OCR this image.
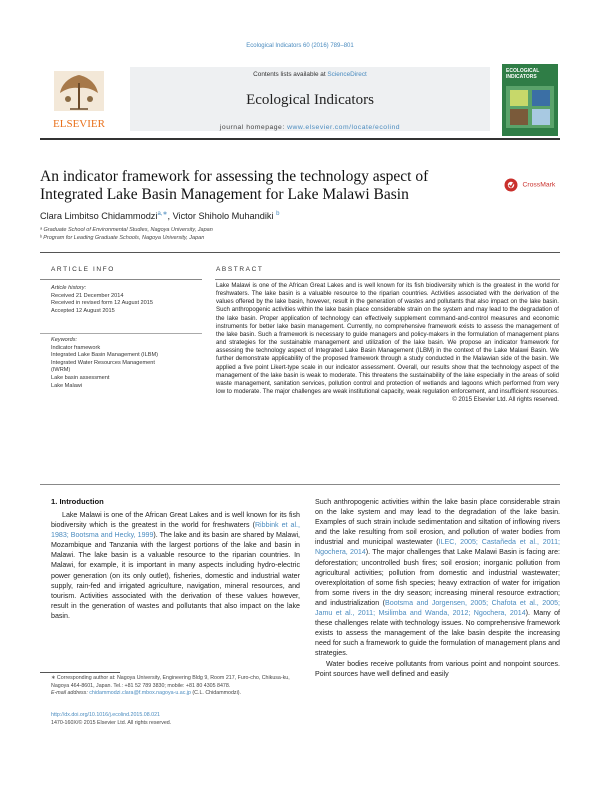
Ecological Indicators 60 (2016) 789–801
ELSEVIER
Contents lists available at ScienceDirect
Ecological Indicators
journal homepage: www.elsevier.com/locate/ecolind
ECOLOGICAL INDICATORS
An indicator framework for assessing the technology aspect of Integrated Lake Basin Management for Lake Malawi Basin
CrossMark
Clara Limbitso Chidammodzi$^{a,∗}$, Victor Shiholo Muhandiki $^b$
ᵃ Graduate School of Environmental Studies, Nagoya University, Japan
ᵇ Program for Leading Graduate Schools, Nagoya University, Japan
ARTICLE INFO	ABSTRACT
Article history:
Received 21 December 2014
Received in revised form 12 August 2015
Accepted 12 August 2015
Keywords:
Indicator framework
Integrated Lake Basin Management (ILBM)
Integrated Water Resources Management
(IWRM)
Lake basin assessment
Lake Malawi
Lake Malawi is one of the African Great Lakes and is well known for its fish biodiversity which is the greatest in the world for freshwaters. The lake basin is a valuable resource to the riparian countries. Activities associated with the derivation of the values offered by the lake basin, however, result in the generation of wastes and pollutants that also impact on the lake basin. Such anthropogenic activities within the lake basin place considerable strain on the system and may lead to the degradation of the lake basin. Proper application of technology can effectively supplement command-and-control measures and economic instruments for better lake basin management. Currently, no comprehensive framework exists to assess the management of the lake basin. Such a framework is necessary to guide managers and policy-makers in the formulation of management plans and strategies for the sustainable management and utilization of the lake basin. We propose an indicator framework for assessing the technology aspect of Integrated Lake Basin Management (ILBM) in the context of the Lake Malawi Basin. We further demonstrate applicability of the proposed framework through a study conducted in the Malawian side of the basin. We applied a five point Likert-type scale in our indicator assessment. Overall, our results show that the technology aspect of the management of the lake basin is weak to moderate. This threatens the sustainability of the lake especially in the areas of solid waste management, sanitation services, pollution control and protection of wetlands and lagoons which performed from very low to moderate. The major challenges are weak institutional capacity, weak regulation enforcement, and insufficient resources.
© 2015 Elsevier Ltd. All rights reserved.
1. Introduction
Lake Malawi is one of the African Great Lakes and is well known for its fish biodiversity which is the greatest in the world for freshwaters (Ribbink et al., 1983; Bootsma and Hecky, 1999). The lake and its basin are shared by Malawi, Mozambique and Tanzania with the largest portions of the lake and basin in Malawi. The lake basin is a valuable resource to the riparian countries. In Malawi, for example, it is important in many aspects including hydro-electric power generation (on its only outlet), fisheries, domestic and industrial water supply, rain-fed and irrigated agriculture, navigation, mineral resources, and tourism. Activities associated with the derivation of these values however, result in the generation of wastes and pollutants that also impact on the lake basin.
Such anthropogenic activities within the lake basin place considerable strain on the lake system and may lead to the degradation of the lake basin. Examples of such strain include sedimentation and siltation of inflowing rivers and the lake resulting from soil erosion, and pollution of water bodies from industrial and municipal wastewater (ILEC, 2005; Castañeda et al., 2011; Ngochera, 2014). The major challenges that Lake Malawi Basin is facing are: deforestation; uncontrolled bush fires; soil erosion; inorganic pollution from agricultural activities; pollution from domestic and industrial wastewater; overexploitation of some fish species; heavy extraction of water for irrigation from some rivers in the dry season; increasing mineral resource extraction; and industrialization (Bootsma and Jorgensen, 2005; Chafota et al., 2005; Jamu et al., 2011; Msilimba and Wanda, 2012; Ngochera, 2014). Many of these challenges relate with technology issues. No comprehensive framework exists to assess the management of the lake basin despite the increasing need for such a framework to guide the formulation of management plans and strategies.
Water bodies receive pollutants from various point and nonpoint sources. Point sources have well defined and easily
∗ Corresponding author at: Nagoya University, Engineering Bldg 9, Room 217, Furo-cho, Chikusa-ku, Nagoya 464-8601, Japan. Tel.: +81 52 789 3830; mobile: +81 80 4305 8478.
E-mail address: chidammodzi.clara@f.mbox.nagoya-u.ac.jp (C.L. Chidammodzi).
http://dx.doi.org/10.1016/j.ecolind.2015.08.021
1470-160X/© 2015 Elsevier Ltd. All rights reserved.
